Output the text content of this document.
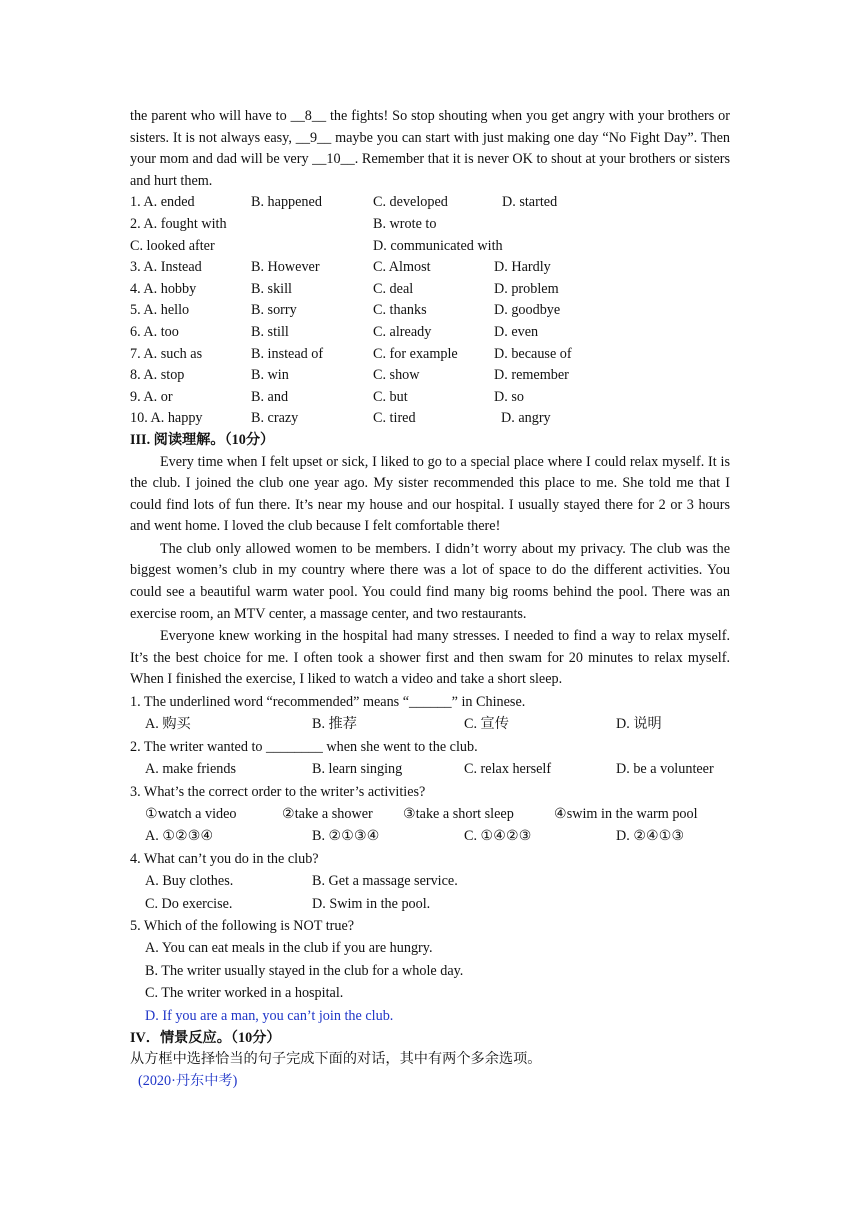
the parent who will have to __8__ the fights! So stop shouting when you get angry with your brothers or sisters. It is not always easy, __9__ maybe you can start with just making one day “No Fight Day”. Then your mom and dad will be very __10__. Remember that it is never OK to shout at your brothers or sisters and hurt them.

1. A. ended	B. happened	C. developed	D. started
2. A. fought with	B. wrote to
C. looked after	D. communicated with
3. A. Instead	B. However	C. Almost	D. Hardly
4. A. hobby	B. skill	C. deal	D. problem
5. A. hello	B. sorry	C. thanks	D. goodbye
6. A. too	B. still	C. already	D. even
7. A. such as	B. instead of	C. for example	D. because of
8. A. stop	B. win	C. show	D. remember
9. A. or	B. and	C. but	D. so
10. A. happy	B. crazy	C. tired	D. angry

III. 阅读理解。（10分）

Every time when I felt upset or sick, I liked to go to a special place where I could relax myself. It is the club. I joined the club one year ago. My sister recommended this place to me. She told me that I could find lots of fun there. It’s near my house and our hospital. I usually stayed there for 2 or 3 hours and went home. I loved the club because I felt comfortable there!

The club only allowed women to be members. I didn’t worry about my privacy. The club was the biggest women’s club in my country where there was a lot of space to do the different activities. You could see a beautiful warm water pool. You could find many big rooms behind the pool. There was an exercise room, an MTV center, a massage center, and two restaurants.

Everyone knew working in the hospital had many stresses. I needed to find a way to relax myself. It’s the best choice for me. I often took a shower first and then swam for 20 minutes to relax myself. When I finished the exercise, I liked to watch a video and take a short sleep.

1. The underlined word “recommended” means “______” in Chinese.
A. 购买	B. 推荐	C. 宣传	D. 说明
2. The writer wanted to ________ when she went to the club.
A. make friends	B. learn singing	C. relax herself	D. be a volunteer
3. What’s the correct order to the writer’s activities?
①watch a video	②take a shower ③take a short sleep	④swim in the warm pool
A. ①②③④	B. ②①③④	C. ①④②③	D. ②④①③
4. What can’t you do in the club?
A. Buy clothes.	B. Get a massage service.
C. Do exercise.	D. Swim in the pool.
5. Which of the following is NOT true?
A. You can eat meals in the club if you are hungry.
B. The writer usually stayed in the club for a whole day.
C. The writer worked in a hospital.
D. If you are a man, you can’t join the club.

IV．情景反应。（10分）

从方框中选择恰当的句子完成下面的对话，其中有两个多余选项。

(2020·丹东中考)
